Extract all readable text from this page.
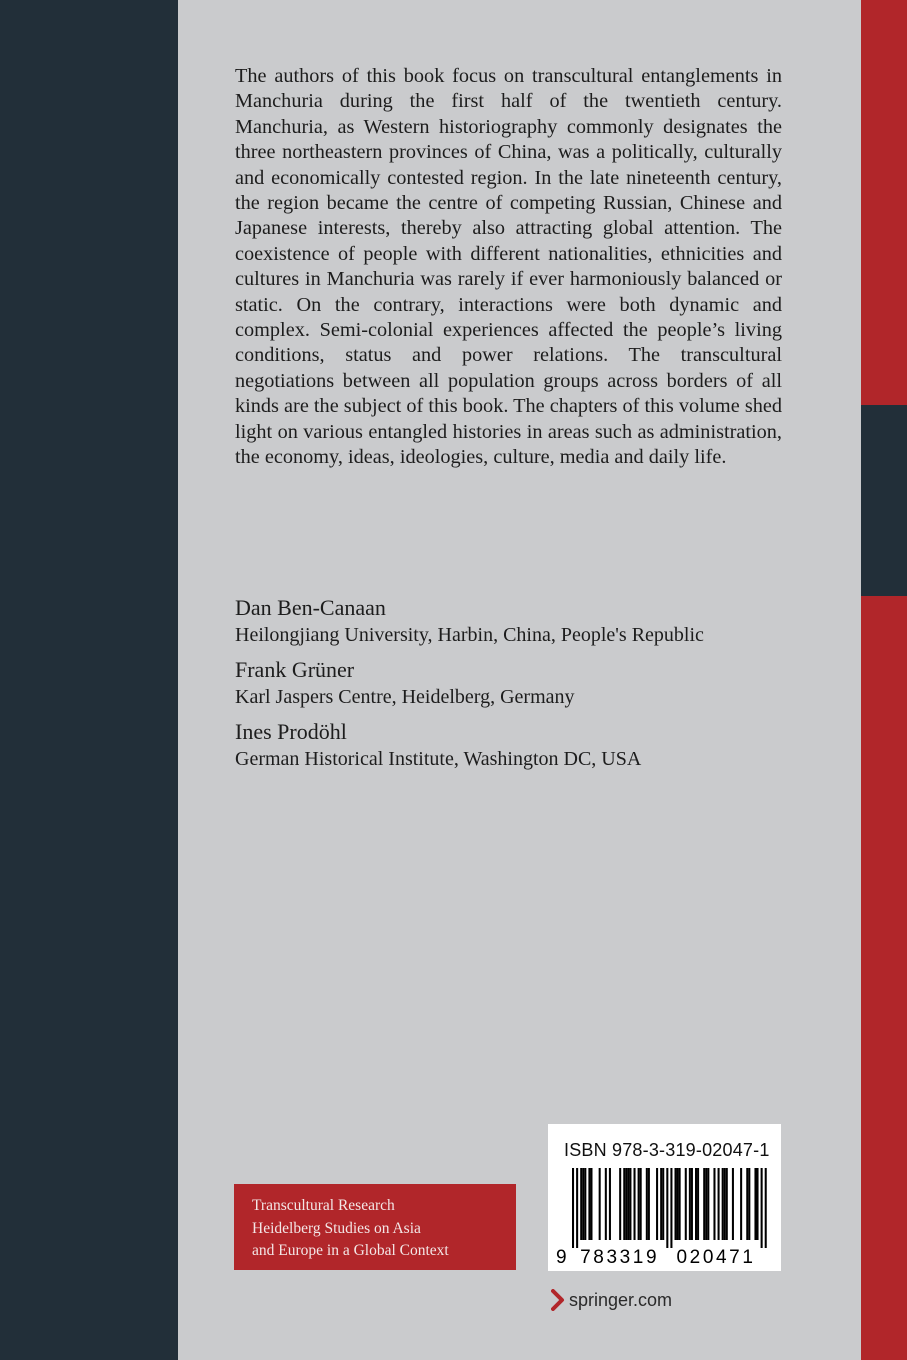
The authors of this book focus on transcultural entanglements in Manchuria during the first half of the twentieth century. Manchuria, as Western historiography commonly designates the three northeastern provinces of China, was a politically, culturally and economically contested region. In the late nineteenth century, the region became the centre of competing Russian, Chinese and Japanese interests, thereby also attracting global attention. The coexistence of people with different nationalities, ethnicities and cultures in Manchuria was rarely if ever harmoniously balanced or static. On the contrary, interactions were both dynamic and complex. Semi-colonial experiences affected the people’s living conditions, status and power relations. The transcultural negotiations between all population groups across borders of all kinds are the subject of this book. The chapters of this volume shed light on various entangled histories in areas such as administration, the economy, ideas, ideologies, culture, media and daily life.

Dan Ben-Canaan
Heilongjiang University, Harbin, China, People's Republic
Frank Grüner
Karl Jaspers Centre, Heidelberg, Germany
Ines Prodöhl
German Historical Institute, Washington DC, USA
Transcultural Research
Heidelberg Studies on Asia
and Europe in a Global Context
ISBN 978-3-319-02047-1
9 783319 020471
springer.com
